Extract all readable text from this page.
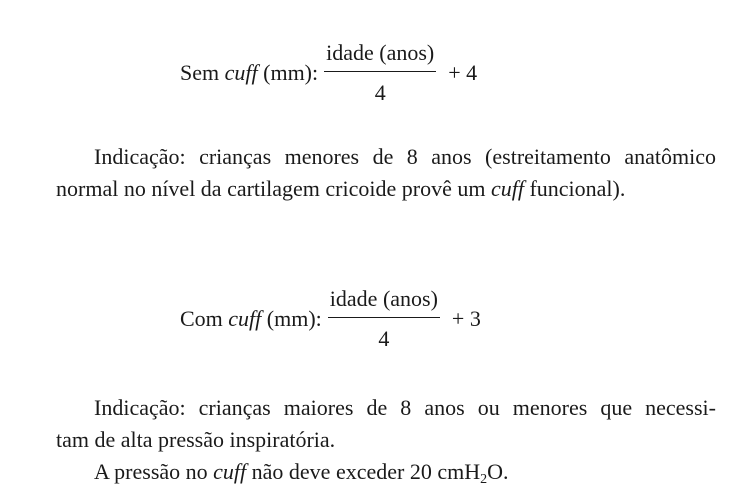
Sem
cuff
(mm): $\frac{\text{idade (anos)}}{4} + 4$
Indicação: crianças menores de 8 anos (estreitamento anatômico
normal no nível da cartilagem cricoide provê um cuff funcional).
Com
cuff
(mm): $\frac{\text{idade (anos)}}{4} + 3$
Indicação: crianças maiores de 8 anos ou menores que necessi-
tam de alta pressão inspiratória.
A pressão no cuff não deve exceder 20 cmH$_2$O.
